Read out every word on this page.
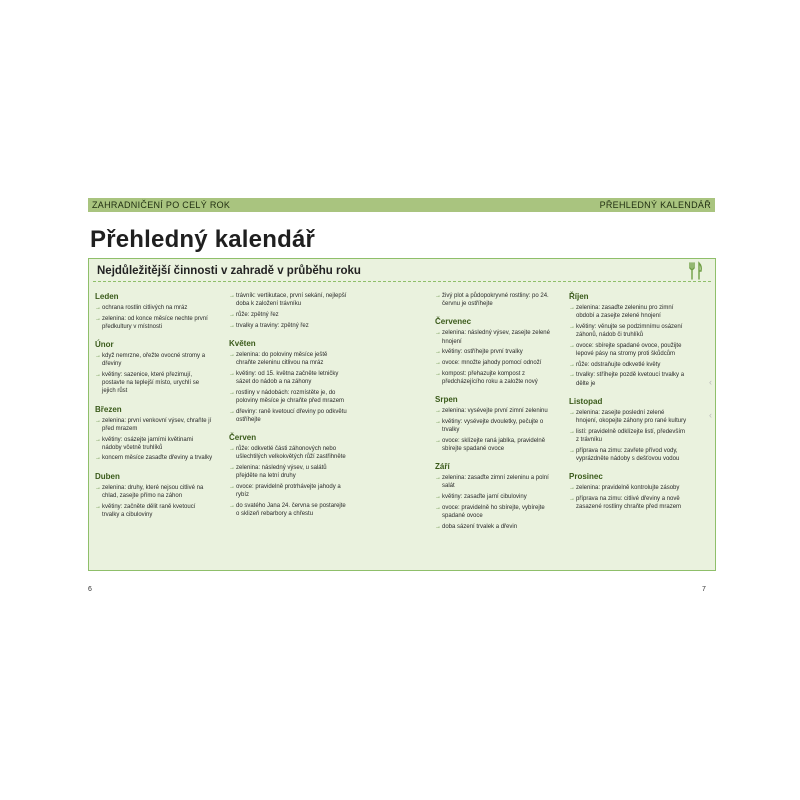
ZAHRADNIČENÍ PO CELÝ ROK	PŘEHLEDNÝ KALENDÁŘ
Přehledný kalendář
Nejdůležitější činnosti v zahradě v průběhu roku
Leden
→ ochrana rostlin citlivých na mráz
→ zelenina: od konce měsíce nechte první předkultury v místnosti
Únor
→ když nemrzne, ořežte ovocné stromy a dřeviny
→ květiny: sazenice, které přezimují, postavte na teplejší místo, urychlí se jejich růst
Březen
→ zelenina: první venkovní výsev, chraňte jí před mrazem
→ květiny: osázejte jarními květinami nádoby včetně truhlíků
→ koncem měsíce zasaďte dřeviny a trvalky
Duben
→ zelenina: druhy, které nejsou citlivé na chlad, zasejte přímo na záhon
→ květiny: začněte dělit raně kvetoucí trvalky a cibuloviny
→ trávník: vertikutace, první sekání, nejlepší doba k založení trávníku
→ růže: zpětný řez
→ trvalky a traviny: zpětný řez
Květen
→ zelenina: do poloviny měsíce ještě chraňte zeleninu citlivou na mráz
→ květiny: od 15. května začněte letničky sázet do nádob a na záhony
→ rostliny v nádobách: rozmístěte je, do poloviny měsíce je chraňte před mrazem
→ dřeviny: raně kvetoucí dřeviny po odkvětu ostříhejte
Červen
→ růže: odkvetlé části záhonových nebo ušlechtilých velkokvětých růží zastřihněte
→ zelenina: následný výsev, u salátů přejděte na letní druhy
→ ovoce: pravidelně protrhávejte jahody a rybíz
→ do svatého Jana 24. června se postarejte o sklizeň rebarbory a chřestu
→ živý plot a půdopokryvné rostliny: po 24. červnu je ostříhejte
Červenec
→ zelenina: následný výsev, zasejte zelené hnojení
→ květiny: ostříhejte první trvalky
→ ovoce: množte jahody pomocí odnoží
→ kompost: přehazujte kompost z předcházejícího roku a založte nový
Srpen
→ zelenina: vysévejte první zimní zeleninu
→ květiny: vysévejte dvouletky, pečujte o trvalky
→ ovoce: sklízejte raná jablka, pravidelně sbírejte spadané ovoce
Září
→ zelenina: zasaďte zimní zeleninu a polní salát
→ květiny: zasaďte jarní cibuloviny
→ ovoce: pravidelně ho sbírejte, vybírejte spadané ovoce
→ doba sázení trvalek a dřevin
Říjen
→ zelenina: zasaďte zeleninu pro zimní období a zasejte zelené hnojení
→ květiny: věnujte se podzimnímu osázení záhonů, nádob či truhlíků
→ ovoce: sbírejte spadané ovoce, použijte lepové pásy na stromy proti škůdcům
→ růže: odstraňujte odkvetlé květy
→ trvalky: stříhejte pozdě kvetoucí trvalky a dělte je
Listopad
→ zelenina: zasejte poslední zelené hnojení, okopejte záhony pro rané kultury
→ listí: pravidelně odklízejte listí, především z trávníku
→ příprava na zimu: zavřete přívod vody, vyprázdněte nádoby s dešťovou vodou
Prosinec
→ zelenina: pravidelně kontrolujte zásoby
→ příprava na zimu: citlivé dřeviny a nově zasazené rostliny chraňte před mrazem
‹
‹
6	7
